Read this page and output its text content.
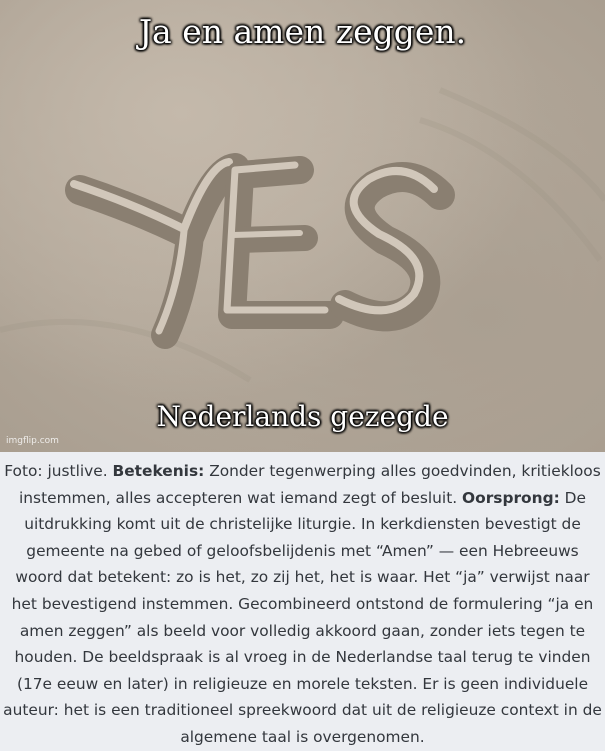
Ja en amen zeggen.
Nederlands gezegde
imgflip.com
Foto: justlive. Betekenis: Zonder tegenwerping alles goedvinden, kritiekloos instemmen, alles accepteren wat iemand zegt of besluit. Oorsprong: De uitdrukking komt uit de christelijke liturgie. In kerkdiensten bevestigt de gemeente na gebed of geloofsbelijdenis met “Amen” — een Hebreeuws woord dat betekent: zo is het, zo zij het, het is waar. Het “ja” verwijst naar het bevestigend instemmen. Gecombineerd ontstond de formulering “ja en amen zeggen” als beeld voor volledig akkoord gaan, zonder iets tegen te houden. De beeldspraak is al vroeg in de Nederlandse taal terug te vinden (17e eeuw en later) in religieuze en morele teksten. Er is geen individuele auteur: het is een traditioneel spreekwoord dat uit de religieuze context in de algemene taal is overgenomen.
